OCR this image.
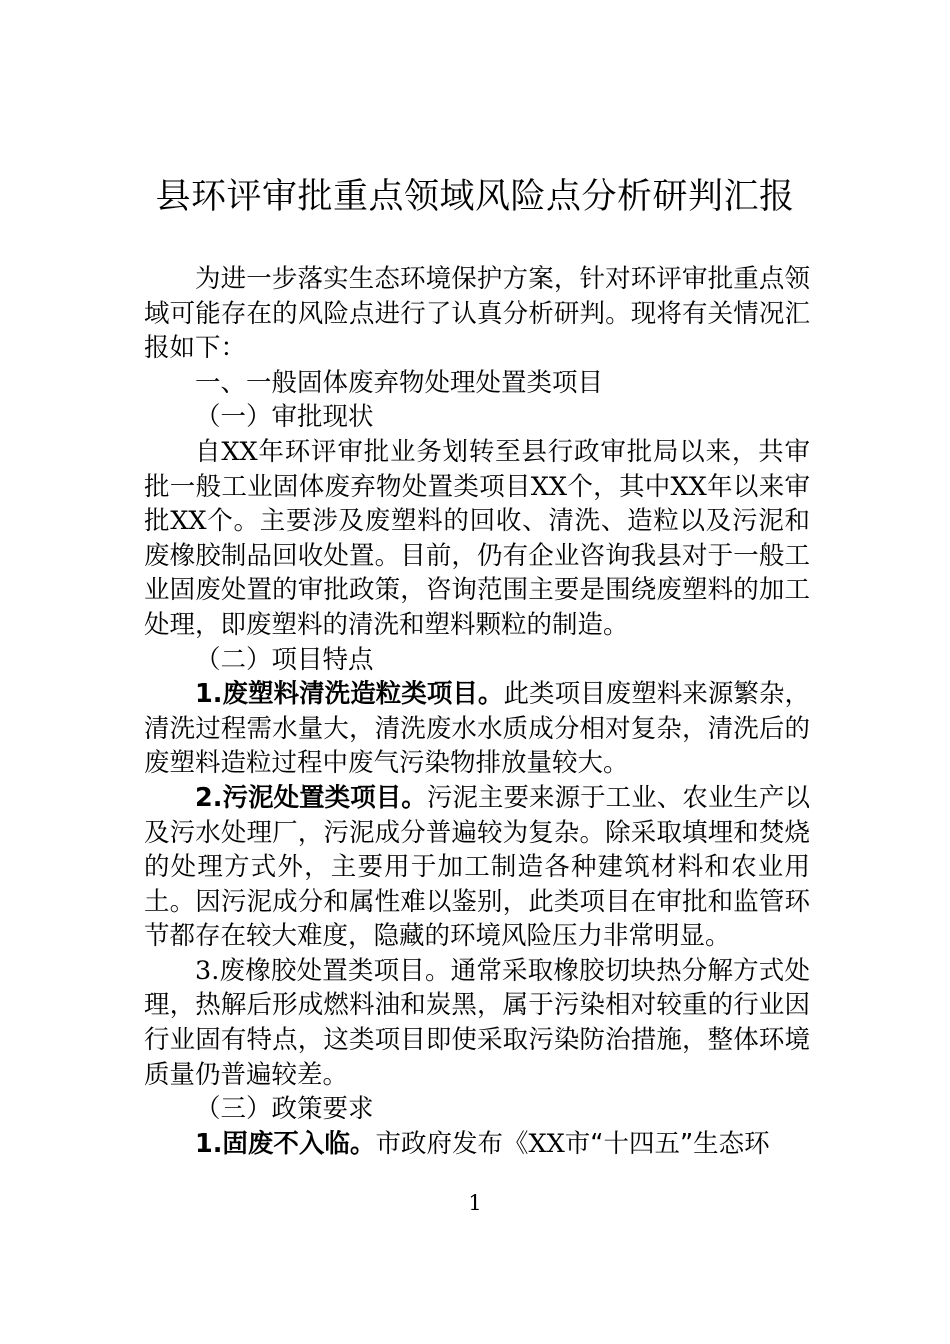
县环评审批重点领域风险点分析研判汇报

为进一步落实生态环境保护方案，针对环评审批重点领域可能存在的风险点进行了认真分析研判。现将有关情况汇报如下：

一、一般固体废弃物处理处置类项目

（一）审批现状

自XX年环评审批业务划转至县行政审批局以来，共审批一般工业固体废弃物处置类项目XX个，其中XX年以来审批XX个。主要涉及废塑料的回收、清洗、造粒以及污泥和废橡胶制品回收处置。目前，仍有企业咨询我县对于一般工业固废处置的审批政策，咨询范围主要是围绕废塑料的加工处理，即废塑料的清洗和塑料颗粒的制造。

（二）项目特点

1.废塑料清洗造粒类项目。此类项目废塑料来源繁杂，清洗过程需水量大，清洗废水水质成分相对复杂，清洗后的废塑料造粒过程中废气污染物排放量较大。

2.污泥处置类项目。污泥主要来源于工业、农业生产以及污水处理厂，污泥成分普遍较为复杂。除采取填埋和焚烧的处理方式外，主要用于加工制造各种建筑材料和农业用土。因污泥成分和属性难以鉴别，此类项目在审批和监管环节都存在较大难度，隐藏的环境风险压力非常明显。

3.废橡胶处置类项目。通常采取橡胶切块热分解方式处理，热解后形成燃料油和炭黑，属于污染相对较重的行业因行业固有特点，这类项目即使采取污染防治措施，整体环境质量仍普遍较差。

（三）政策要求

1.固废不入临。市政府发布《XX市“十四五”生态环

1
